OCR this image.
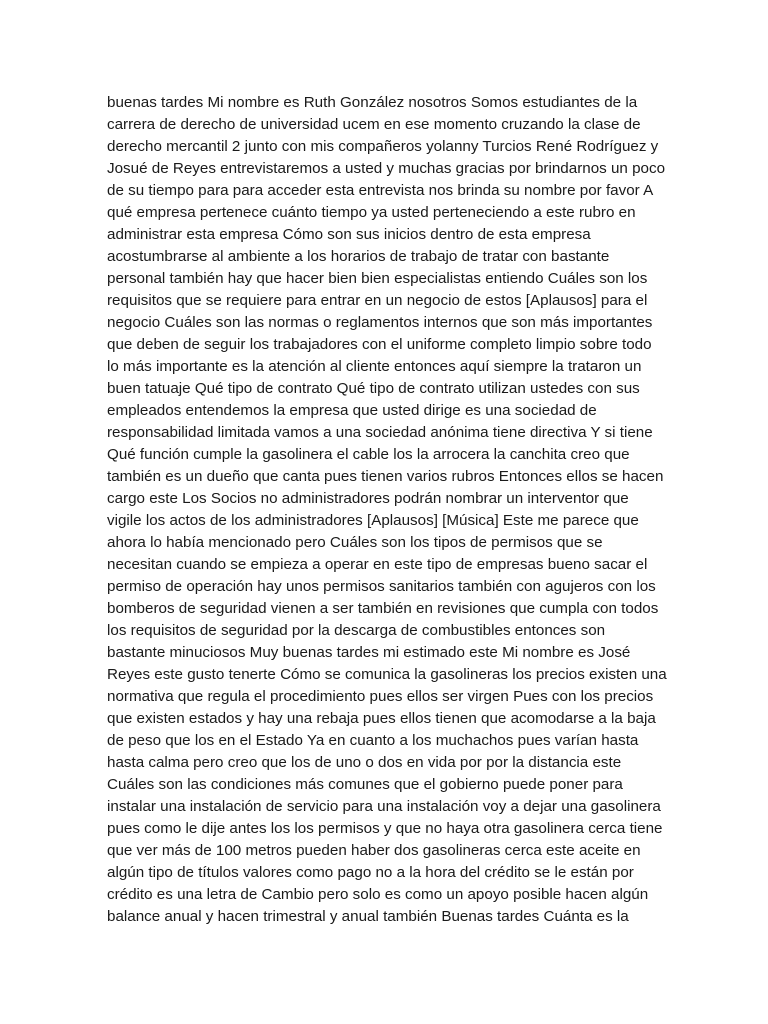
buenas tardes Mi nombre es Ruth González nosotros Somos estudiantes de la
carrera de derecho de universidad ucem en ese momento cruzando la clase de
derecho mercantil 2 junto con mis compañeros yolanny Turcios René Rodríguez y
Josué de Reyes entrevistaremos a usted y muchas gracias por brindarnos un poco
de su tiempo para para acceder esta entrevista nos brinda su nombre por favor A
qué empresa pertenece cuánto tiempo ya usted perteneciendo a este rubro en
administrar esta empresa Cómo son sus inicios dentro de esta empresa
acostumbrarse al ambiente a los horarios de trabajo de tratar con bastante
personal también hay que hacer bien bien especialistas entiendo Cuáles son los
requisitos que se requiere para entrar en un negocio de estos [Aplausos] para el
negocio Cuáles son las normas o reglamentos internos que son más importantes
que deben de seguir los trabajadores con el uniforme completo limpio sobre todo
lo más importante es la atención al cliente entonces aquí siempre la trataron un
buen tatuaje Qué tipo de contrato Qué tipo de contrato utilizan ustedes con sus
empleados entendemos la empresa que usted dirige es una sociedad de
responsabilidad limitada vamos a una sociedad anónima tiene directiva Y si tiene
Qué función cumple la gasolinera el cable los la arrocera la canchita creo que
también es un dueño que canta pues tienen varios rubros Entonces ellos se hacen
cargo este Los Socios no administradores podrán nombrar un interventor que
vigile los actos de los administradores [Aplausos] [Música] Este me parece que
ahora lo había mencionado pero Cuáles son los tipos de permisos que se
necesitan cuando se empieza a operar en este tipo de empresas bueno sacar el
permiso de operación hay unos permisos sanitarios también con agujeros con los
bomberos de seguridad vienen a ser también en revisiones que cumpla con todos
los requisitos de seguridad por la descarga de combustibles entonces son
bastante minuciosos Muy buenas tardes mi estimado este Mi nombre es José
Reyes este gusto tenerte Cómo se comunica la gasolineras los precios existen una
normativa que regula el procedimiento pues ellos ser virgen Pues con los precios
que existen estados y hay una rebaja pues ellos tienen que acomodarse a la baja
de peso que los en el Estado Ya en cuanto a los muchachos pues varían hasta
hasta calma pero creo que los de uno o dos en vida por por la distancia este
Cuáles son las condiciones más comunes que el gobierno puede poner para
instalar una instalación de servicio para una instalación voy a dejar una gasolinera
pues como le dije antes los los permisos y que no haya otra gasolinera cerca tiene
que ver más de 100 metros pueden haber dos gasolineras cerca este aceite en
algún tipo de títulos valores como pago no a la hora del crédito se le están por
crédito es una letra de Cambio pero solo es como un apoyo posible hacen algún
balance anual y hacen trimestral y anual también Buenas tardes Cuánta es la
